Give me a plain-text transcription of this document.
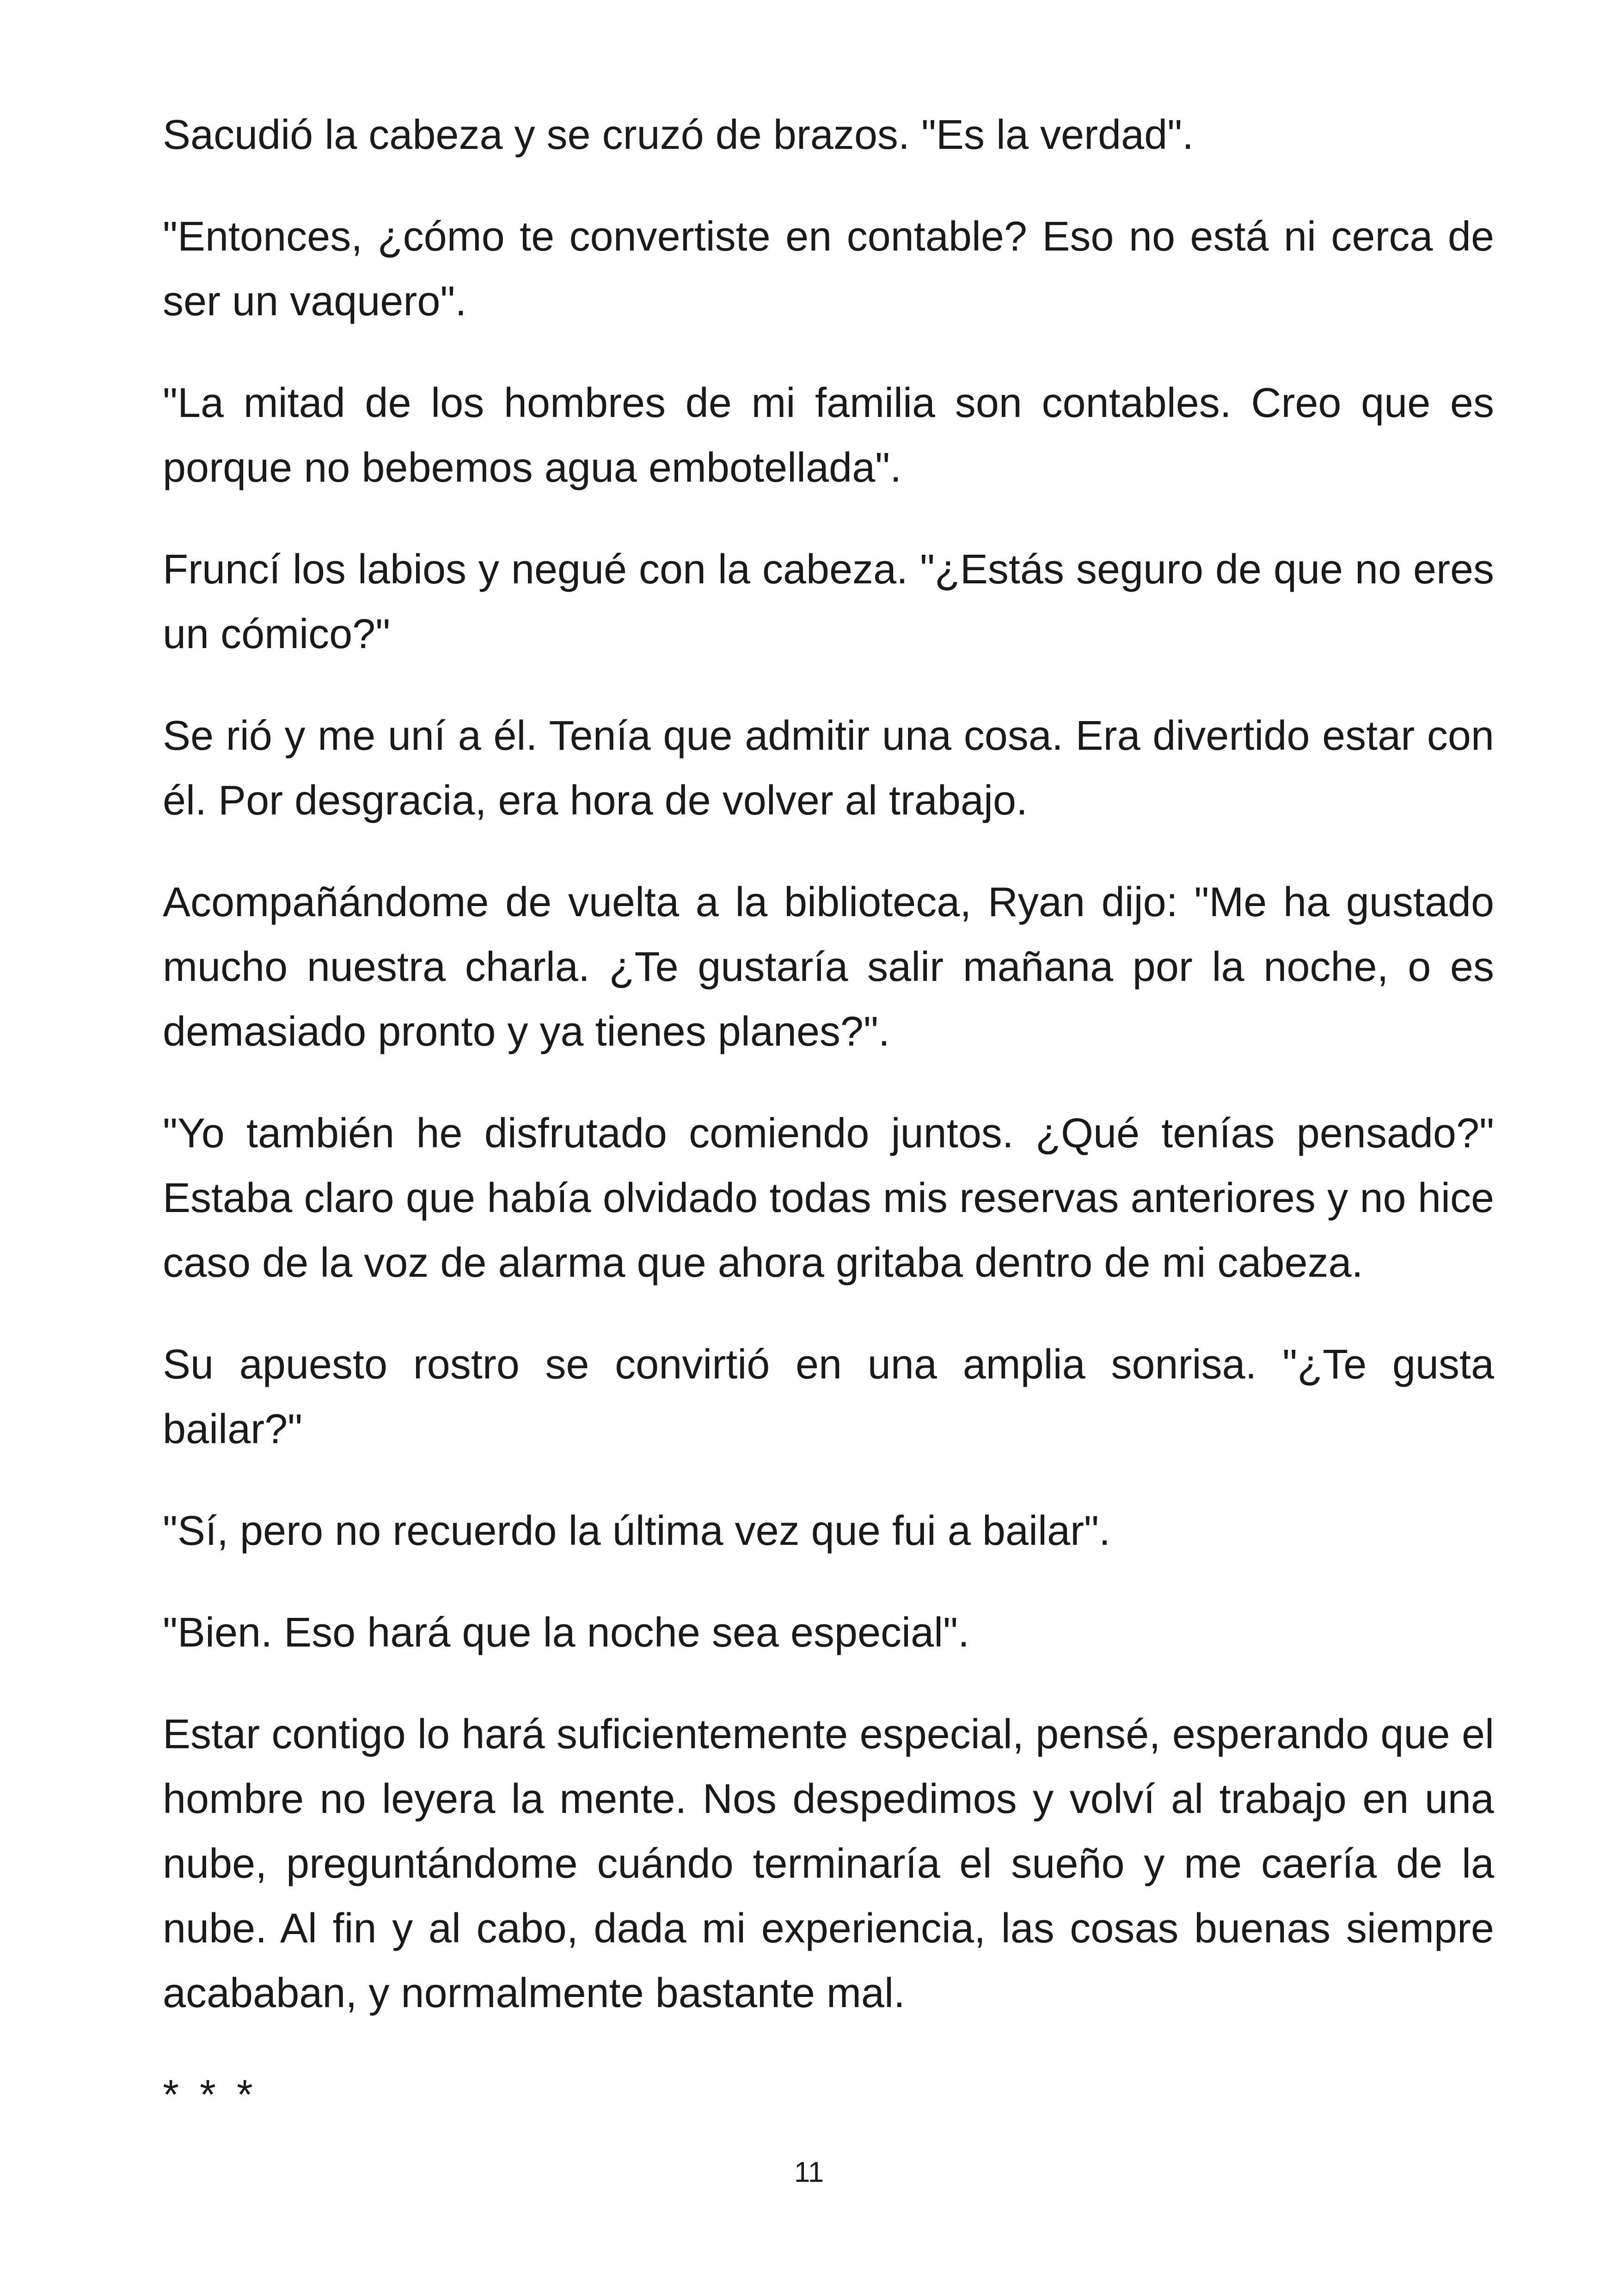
Sacudió la cabeza y se cruzó de brazos. "Es la verdad".

"Entonces, ¿cómo te convertiste en contable? Eso no está ni cerca de ser un vaquero".

"La mitad de los hombres de mi familia son contables. Creo que es porque no bebemos agua embotellada".

Fruncí los labios y negué con la cabeza. "¿Estás seguro de que no eres un cómico?"

Se rió y me uní a él. Tenía que admitir una cosa. Era divertido estar con él. Por desgracia, era hora de volver al trabajo.

Acompañándome de vuelta a la biblioteca, Ryan dijo: "Me ha gustado mucho nuestra charla. ¿Te gustaría salir mañana por la noche, o es demasiado pronto y ya tienes planes?".

"Yo también he disfrutado comiendo juntos. ¿Qué tenías pensado?" Estaba claro que había olvidado todas mis reservas anteriores y no hice caso de la voz de alarma que ahora gritaba dentro de mi cabeza.

Su apuesto rostro se convirtió en una amplia sonrisa. "¿Te gusta bailar?"

"Sí, pero no recuerdo la última vez que fui a bailar".

"Bien. Eso hará que la noche sea especial".

Estar contigo lo hará suficientemente especial, pensé, esperando que el hombre no leyera la mente. Nos despedimos y volví al trabajo en una nube, preguntándome cuándo terminaría el sueño y me caería de la nube. Al fin y al cabo, dada mi experiencia, las cosas buenas siempre acababan, y normalmente bastante mal.

* * *

11
